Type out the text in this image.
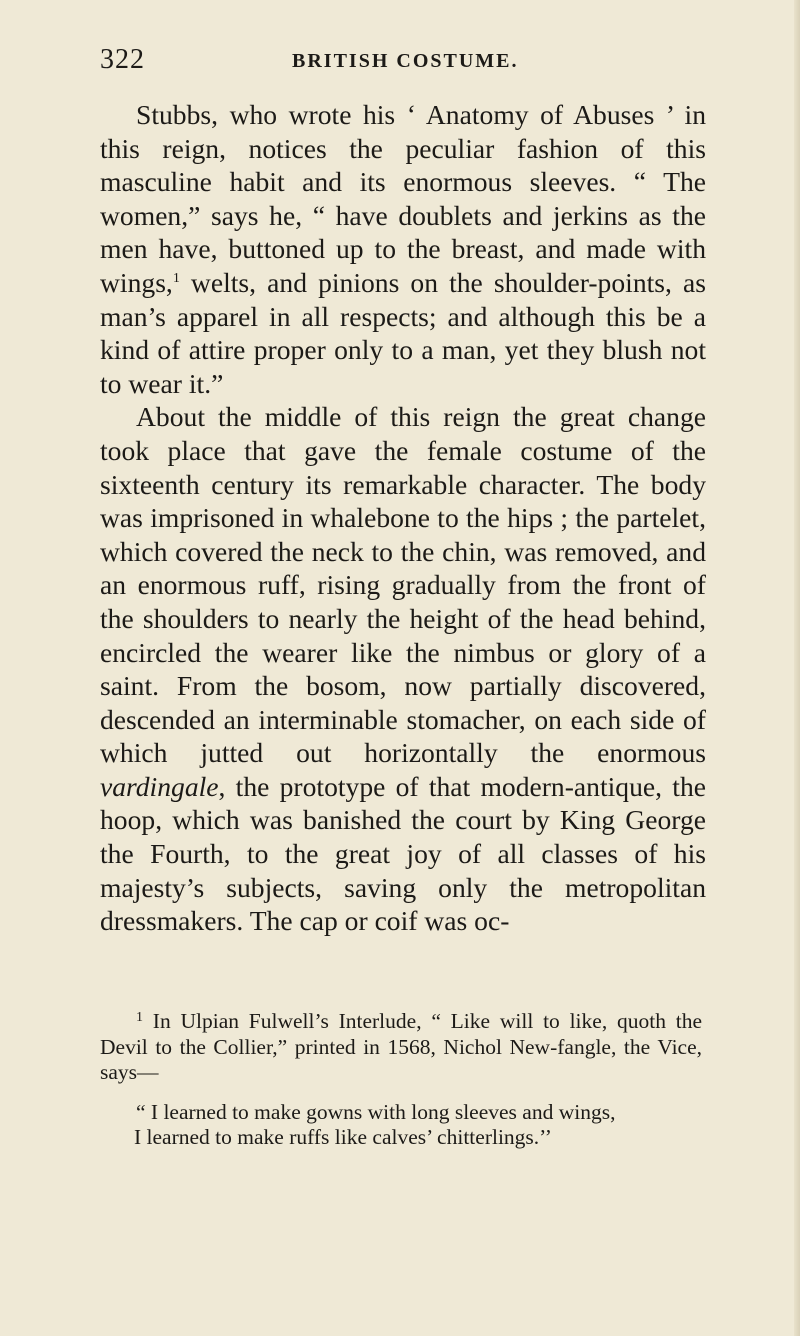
322	BRITISH COSTUME.

Stubbs, who wrote his ‘ Anatomy of Abuses ’ in this reign, notices the peculiar fashion of this masculine habit and its enormous sleeves. “ The women,” says he, “ have doublets and jerkins as the men have, buttoned up to the breast, and made with wings,$^1$ welts, and pinions on the shoulder-points, as man’s apparel in all respects; and although this be a kind of attire proper only to a man, yet they blush not to wear it.”

About the middle of this reign the great change took place that gave the female costume of the sixteenth century its remarkable character. The body was imprisoned in whalebone to the hips ; the partelet, which covered the neck to the chin, was removed, and an enormous ruff, rising gradually from the front of the shoulders to nearly the height of the head behind, encircled the wearer like the nimbus or glory of a saint. From the bosom, now partially discovered, descended an interminable stomacher, on each side of which jutted out horizontally the enormous vardingale, the prototype of that modern-antique, the hoop, which was banished the court by King George the Fourth, to the great joy of all classes of his majesty’s subjects, saving only the metropolitan dressmakers. The cap or coif was oc-

$^1$ In Ulpian Fulwell’s Interlude, “ Like will to like, quoth the Devil to the Collier,” printed in 1568, Nichol New-fangle, the Vice, says—

“ I learned to make gowns with long sleeves and wings,
I learned to make ruffs like calves’ chitterlings.’’
